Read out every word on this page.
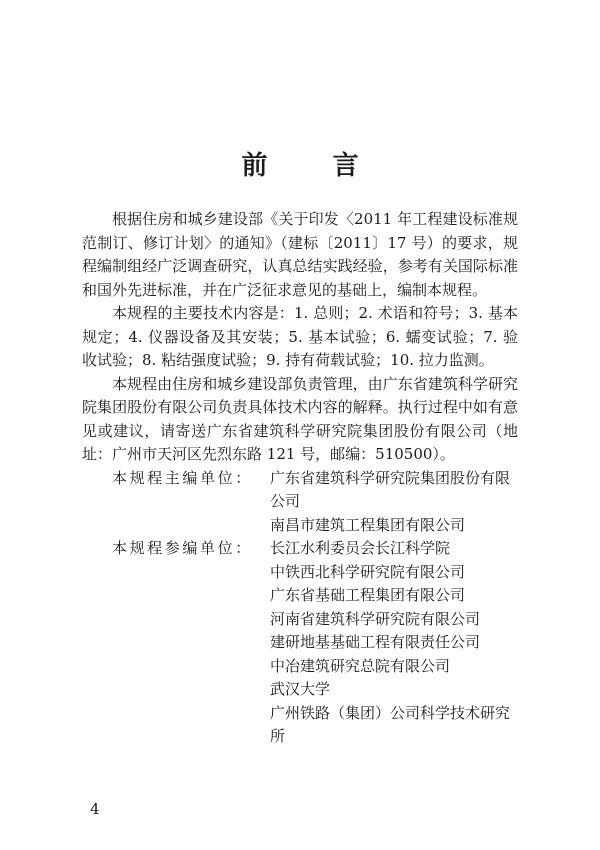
前 言

根据住房和城乡建设部《关于印发〈2011 年工程建设标准规范制订、修订计划〉的通知》（建标〔2011〕17 号）的要求，规程编制组经广泛调查研究，认真总结实践经验，参考有关国际标准和国外先进标准，并在广泛征求意见的基础上，编制本规程。

本规程的主要技术内容是：1. 总则；2. 术语和符号；3. 基本规定；4. 仪器设备及其安装；5. 基本试验；6. 蠕变试验；7. 验收试验；8. 粘结强度试验；9. 持有荷载试验；10. 拉力监测。

本规程由住房和城乡建设部负责管理，由广东省建筑科学研究院集团股份有限公司负责具体技术内容的解释。执行过程中如有意见或建议，请寄送广东省建筑科学研究院集团股份有限公司（地址：广州市天河区先烈东路 121 号，邮编：510500）。

本规程主编单位：	广东省建筑科学研究院集团股份有限公司
南昌市建筑工程集团有限公司
本规程参编单位：	长江水利委员会长江科学院
中铁西北科学研究院有限公司
广东省基础工程集团有限公司
河南省建筑科学研究院有限公司
建研地基基础工程有限责任公司
中冶建筑研究总院有限公司
武汉大学
广州铁路（集团）公司科学技术研究所
4
